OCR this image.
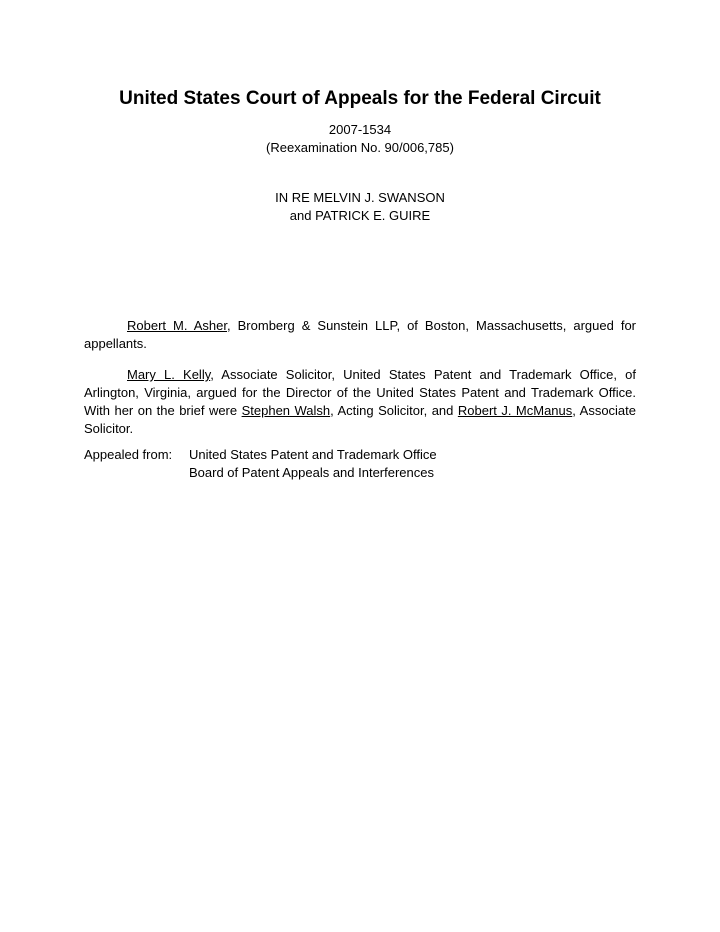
United States Court of Appeals for the Federal Circuit
2007-1534
(Reexamination No. 90/006,785)
IN RE MELVIN J. SWANSON
and PATRICK E. GUIRE

Robert M. Asher, Bromberg & Sunstein LLP, of Boston, Massachusetts, argued for appellants.

Mary L. Kelly, Associate Solicitor, United States Patent and Trademark Office, of Arlington, Virginia, argued for the Director of the United States Patent and Trademark Office. With her on the brief were Stephen Walsh, Acting Solicitor, and Robert J. McManus, Associate Solicitor.

Appealed from:	United States Patent and Trademark Office
Board of Patent Appeals and Interferences
